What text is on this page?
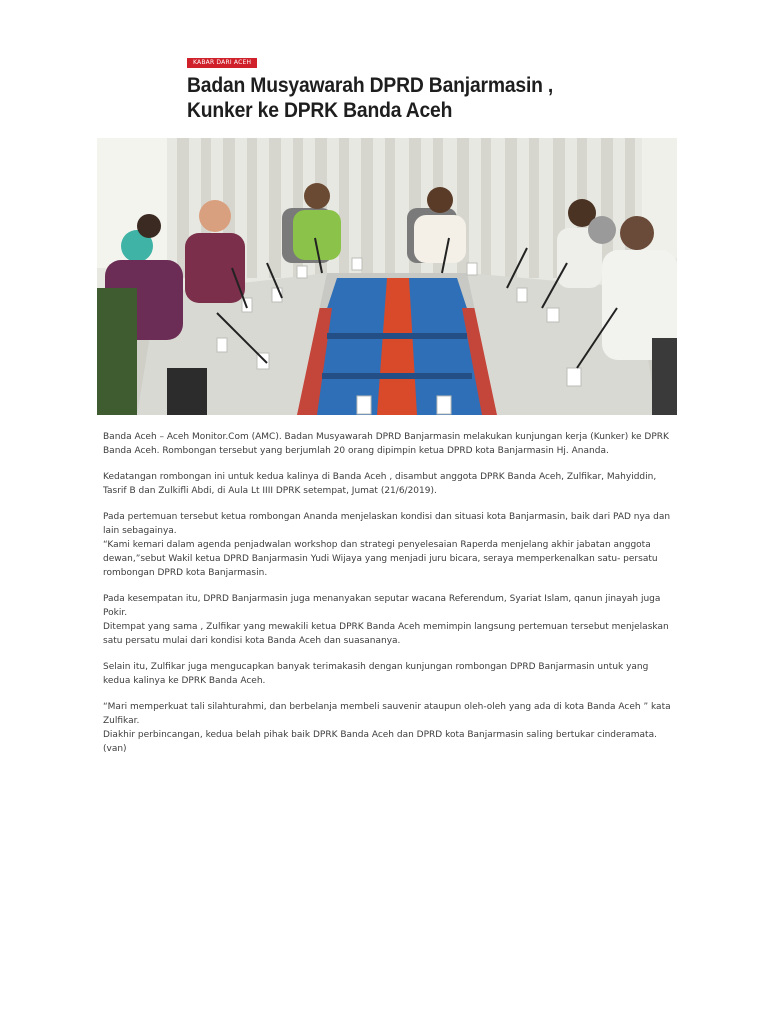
KABAR DARI ACEH
Badan Musyawarah DPRD Banjarmasin ,
Kunker ke DPRK Banda Aceh

Banda Aceh – Aceh Monitor.Com (AMC). Badan Musyawarah DPRD Banjarmasin melakukan kunjungan kerja (Kunker) ke DPRK
Banda Aceh. Rombongan tersebut yang berjumlah 20 orang dipimpin ketua DPRD kota Banjarmasin Hj. Ananda.

Kedatangan rombongan ini untuk kedua kalinya di Banda Aceh , disambut anggota DPRK Banda Aceh, Zulfikar, Mahyiddin,
Tasrif B dan Zulkifli Abdi, di Aula Lt IIII DPRK setempat, Jumat (21/6/2019).

Pada pertemuan tersebut ketua rombongan Ananda menjelaskan kondisi dan situasi kota Banjarmasin, baik dari PAD nya dan
lain sebagainya.
“Kami kemari dalam agenda penjadwalan workshop dan strategi penyelesaian Raperda menjelang akhir jabatan anggota
dewan,”sebut Wakil ketua DPRD Banjarmasin Yudi Wijaya yang menjadi juru bicara, seraya memperkenalkan satu- persatu
rombongan DPRD kota Banjarmasin.

Pada kesempatan itu, DPRD Banjarmasin juga menanyakan seputar wacana Referendum, Syariat Islam, qanun jinayah juga
Pokir.
Ditempat yang sama , Zulfikar yang mewakili ketua DPRK Banda Aceh memimpin langsung pertemuan tersebut menjelaskan
satu persatu mulai dari kondisi kota Banda Aceh dan suasananya.

Selain itu, Zulfikar juga mengucapkan banyak terimakasih dengan kunjungan rombongan DPRD Banjarmasin untuk yang
kedua kalinya ke DPRK Banda Aceh.

“Mari memperkuat tali silahturahmi, dan berbelanja membeli sauvenir ataupun oleh-oleh yang ada di kota Banda Aceh ” kata
Zulfikar.
Diakhir perbincangan, kedua belah pihak baik DPRK Banda Aceh dan DPRD kota Banjarmasin saling bertukar cinderamata.
(van)
